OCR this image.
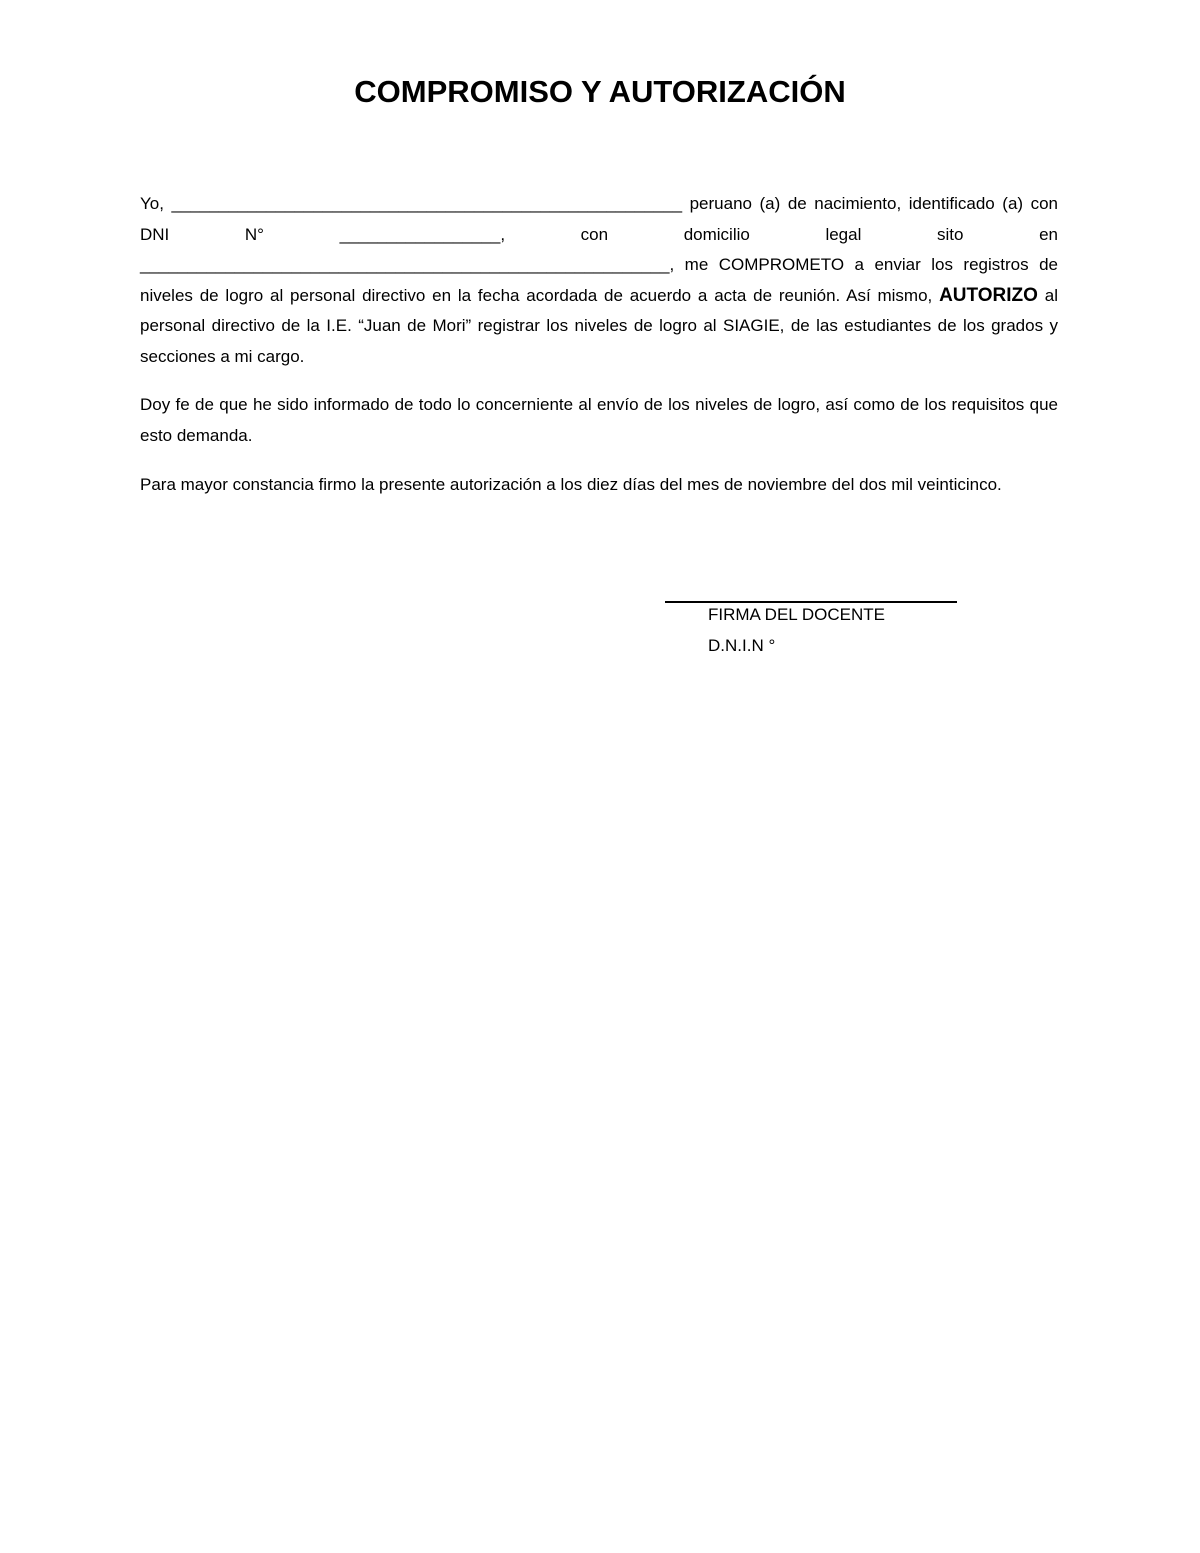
COMPROMISO Y AUTORIZACIÓN
Yo, ______________________________________________________ peruano (a) de nacimiento, identificado (a) con DNI N° _________________, con domicilio legal sito en ________________________________________________________, me COMPROMETO a enviar los registros de niveles de logro al personal directivo en la fecha acordada de acuerdo a acta de reunión. Así mismo, AUTORIZO al personal directivo de la I.E. “Juan de Mori” registrar los niveles de logro al SIAGIE, de las estudiantes de los grados y secciones a mi cargo.
Doy fe de que he sido informado de todo lo concerniente al envío de los niveles de logro, así como de los requisitos que esto demanda.
Para mayor constancia firmo la presente autorización a los diez días del mes de noviembre del dos mil veinticinco.
FIRMA DEL DOCENTE
D.N.I.N °
